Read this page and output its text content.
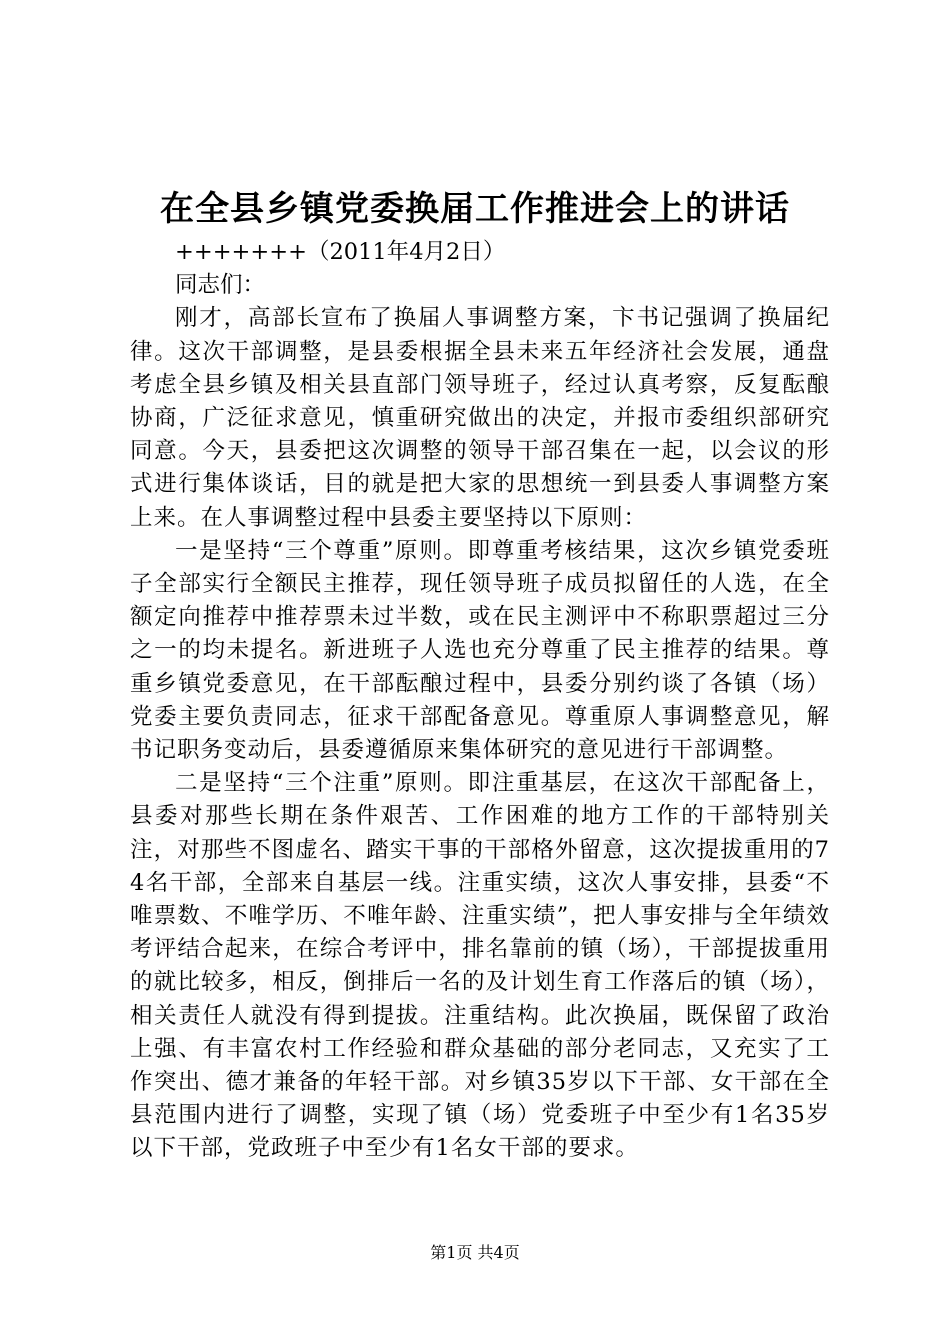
在全县乡镇党委换届工作推进会上的讲话

+++++++（2011年4月2日）

同志们：

刚才，高部长宣布了换届人事调整方案，卞书记强调了换届纪律。这次干部调整，是县委根据全县未来五年经济社会发展，通盘考虑全县乡镇及相关县直部门领导班子，经过认真考察，反复酝酿协商，广泛征求意见，慎重研究做出的决定，并报市委组织部研究同意。今天，县委把这次调整的领导干部召集在一起，以会议的形式进行集体谈话，目的就是把大家的思想统一到县委人事调整方案上来。在人事调整过程中县委主要坚持以下原则：

一是坚持“三个尊重”原则。即尊重考核结果，这次乡镇党委班子全部实行全额民主推荐，现任领导班子成员拟留任的人选，在全额定向推荐中推荐票未过半数，或在民主测评中不称职票超过三分之一的均未提名。新进班子人选也充分尊重了民主推荐的结果。尊重乡镇党委意见，在干部酝酿过程中，县委分别约谈了各镇（场）党委主要负责同志，征求干部配备意见。尊重原人事调整意见，解书记职务变动后，县委遵循原来集体研究的意见进行干部调整。

二是坚持“三个注重”原则。即注重基层，在这次干部配备上，县委对那些长期在条件艰苦、工作困难的地方工作的干部特别关注，对那些不图虚名、踏实干事的干部格外留意，这次提拔重用的74名干部，全部来自基层一线。注重实绩，这次人事安排，县委“不唯票数、不唯学历、不唯年龄、注重实绩”，把人事安排与全年绩效考评结合起来，在综合考评中，排名靠前的镇（场），干部提拔重用的就比较多，相反，倒排后一名的及计划生育工作落后的镇（场），相关责任人就没有得到提拔。注重结构。此次换届，既保留了政治上强、有丰富农村工作经验和群众基础的部分老同志，又充实了工作突出、德才兼备的年轻干部。对乡镇35岁以下干部、女干部在全县范围内进行了调整，实现了镇（场）党委班子中至少有1名35岁以下干部，党政班子中至少有1名女干部的要求。

第1页 共4页
